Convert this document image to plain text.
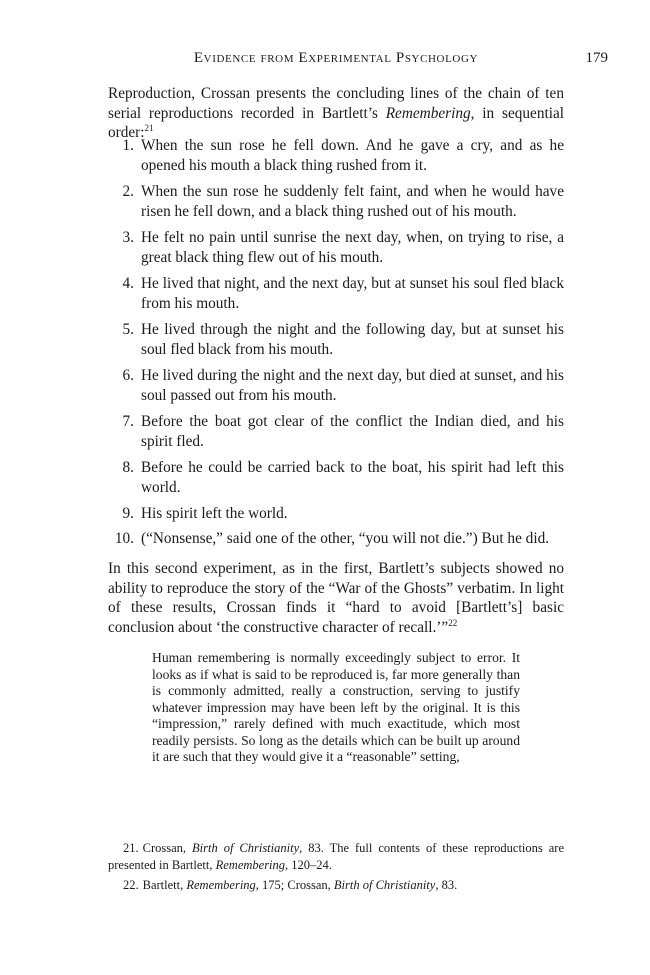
Evidence from Experimental Psychology	179

Reproduction, Crossan presents the concluding lines of the chain of ten serial reproductions recorded in Bartlett’s Remembering, in sequential order:$^{21}$

1. When the sun rose he fell down. And he gave a cry, and as he opened his mouth a black thing rushed from it.
2. When the sun rose he suddenly felt faint, and when he would have risen he fell down, and a black thing rushed out of his mouth.
3. He felt no pain until sunrise the next day, when, on trying to rise, a great black thing flew out of his mouth.
4. He lived that night, and the next day, but at sunset his soul fled black from his mouth.
5. He lived through the night and the following day, but at sunset his soul fled black from his mouth.
6. He lived during the night and the next day, but died at sunset, and his soul passed out from his mouth.
7. Before the boat got clear of the conflict the Indian died, and his spirit fled.
8. Before he could be carried back to the boat, his spirit had left this world.
9. His spirit left the world.
10. (“Nonsense,” said one of the other, “you will not die.”) But he did.

In this second experiment, as in the first, Bartlett’s subjects showed no ability to reproduce the story of the “War of the Ghosts” verbatim. In light of these results, Crossan finds it “hard to avoid [Bartlett’s] basic conclusion about ‘the constructive character of recall.’”$^{22}$

Human remembering is normally exceedingly subject to error. It looks as if what is said to be reproduced is, far more generally than is commonly admitted, really a construction, serving to justify whatever impression may have been left by the original. It is this “impression,” rarely defined with much exactitude, which most readily persists. So long as the details which can be built up around it are such that they would give it a “reasonable” setting,

21. Crossan, Birth of Christianity, 83. The full contents of these reproductions are presented in Bartlett, Remembering, 120–24.

22. Bartlett, Remembering, 175; Crossan, Birth of Christianity, 83.
